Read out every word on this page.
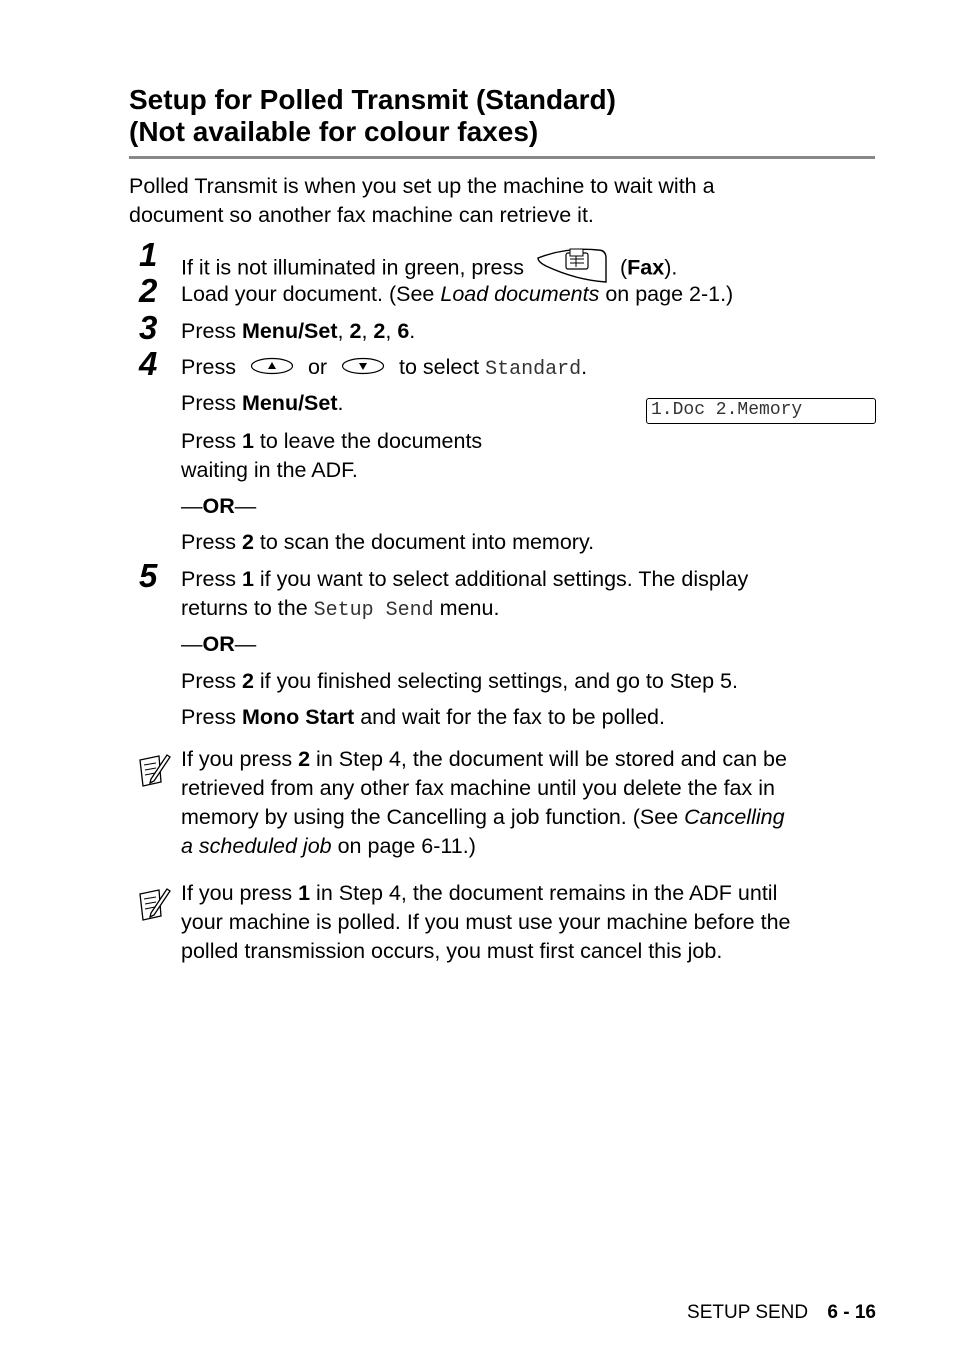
Setup for Polled Transmit (Standard)
(Not available for colour faxes)
Polled Transmit is when you set up the machine to wait with a
document so another fax machine can retrieve it.
1 If it is not illuminated in green, press	(Fax).
2 Load your document. (See Load documents on page 2-1.)
3 Press Menu/Set, 2, 2, 6.
4 Press	or	to select Standard.
Press Menu/Set.	1.Doc 2.Memory
Press 1 to leave the documents
waiting in the ADF.
—OR—
Press 2 to scan the document into memory.
5 Press 1 if you want to select additional settings. The display
returns to the Setup Send menu.
—OR—
Press 2 if you finished selecting settings, and go to Step 5.
Press Mono Start and wait for the fax to be polled.
If you press 2 in Step 4, the document will be stored and can be
retrieved from any other fax machine until you delete the fax in
memory by using the Cancelling a job function. (See Cancelling
a scheduled job on page 6-11.)
If you press 1 in Step 4, the document remains in the ADF until
your machine is polled. If you must use your machine before the
polled transmission occurs, you must first cancel this job.
SETUP SEND 6 - 16
